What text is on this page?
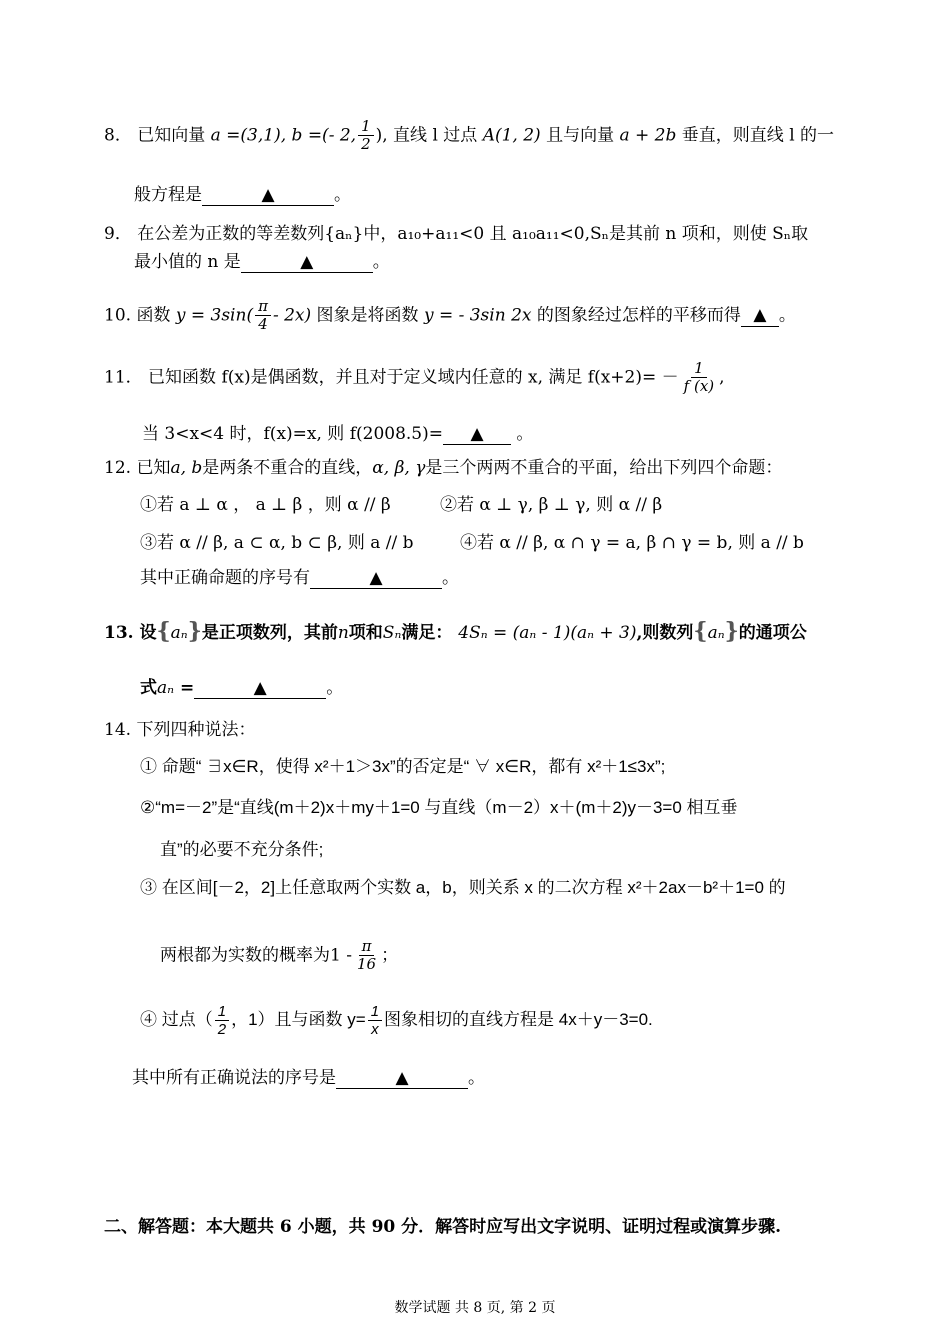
8． 已知向量 a =(3,1), b =(- 2, $\frac{1}{2}$ ), 直线 l 过点 A(1, 2) 且与向量 a + 2b 垂直，则直线 l 的一
般方程是	▲	。
9． 在公差为正数的等差数列{aₙ}中，a₁₀+a₁₁<0 且 a₁₀a₁₁<0,Sₙ是其前 n 项和，则使 Sₙ取
最小值的 n 是	▲	。
10. 函数 $y = 3\sin( \frac{\pi}{4} - 2x)$ 图象是将函数 y = - 3sin 2x 的图象经过怎样的平移而得 ▲ 。
11． 已知函数 f(x)是偶函数，并且对于定义域内任意的 x, 满足 $f(x+2)= - \frac{1}{f (x)}$ ,
当 3<x<4 时，f(x)=x, 则 f(2008.5)= ▲ 。
12. 已知a, b是两条不重合的直线，α, β, γ是三个两两不重合的平面，给出下列四个命题：
①若 a ⊥ α ， a ⊥ β ，则 α // β	②若 α ⊥ γ, β ⊥ γ, 则 α // β
③若 α // β, a ⊂ α, b ⊂ β, 则 a // b	④若 α // β, α ∩ γ = a, β ∩ γ = b, 则 a // b
其中正确命题的序号有	▲	。
13. 设{aₙ}是正项数列，其前n项和Sₙ满足： 4Sₙ = (aₙ - 1)(aₙ + 3),则数列{aₙ}的通项公
式aₙ =	▲	。
14. 下列四种说法：
① 命题“ ∃x∈R，使得 x²＋1＞3x”的否定是“ ∀ x∈R，都有 x²＋1≤3x”;
②“m=－2”是“直线(m＋2)x＋my＋1=0 与直线（m－2）x＋(m＋2)y－3=0 相互垂
直”的必要不充分条件;
③ 在区间[－2，2]上任意取两个实数 a，b，则关系 x 的二次方程 x²＋2ax－b²＋1=0 的
两根都为实数的概率为$1 - \frac{\pi}{16}$ ；
④ 过点（ $\frac{1}{2}$ ，1）且与函数 $y= \frac{1}{x}$ 图象相切的直线方程是 4x＋y－3=0.
其中所有正确说法的序号是	▲	。
二、解答题：本大题共 6 小题，共 90 分．解答时应写出文字说明、证明过程或演算步骤.
数学试题 共 8 页, 第 2 页
